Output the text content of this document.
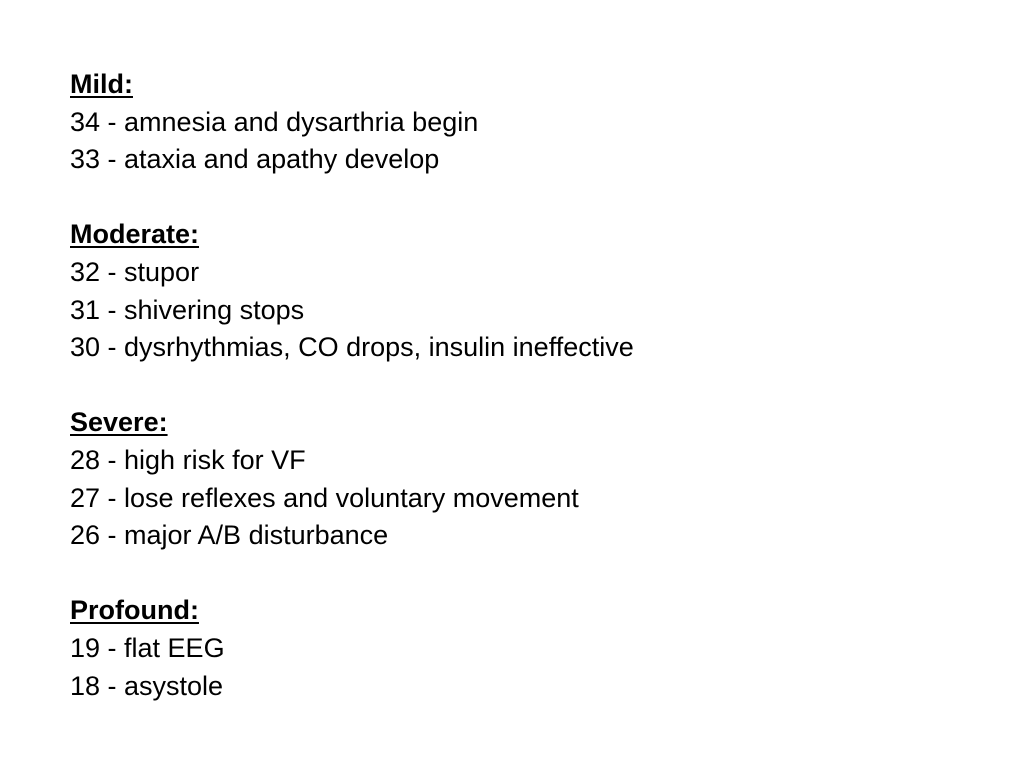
Mild:
34 - amnesia and dysarthria begin
33 - ataxia and apathy develop
Moderate:
32 - stupor
31 - shivering stops
30 - dysrhythmias, CO drops, insulin ineffective
Severe:
28 - high risk for VF
27 - lose reflexes and voluntary movement
26 - major A/B disturbance
Profound:
19 - flat EEG
18 - asystole
